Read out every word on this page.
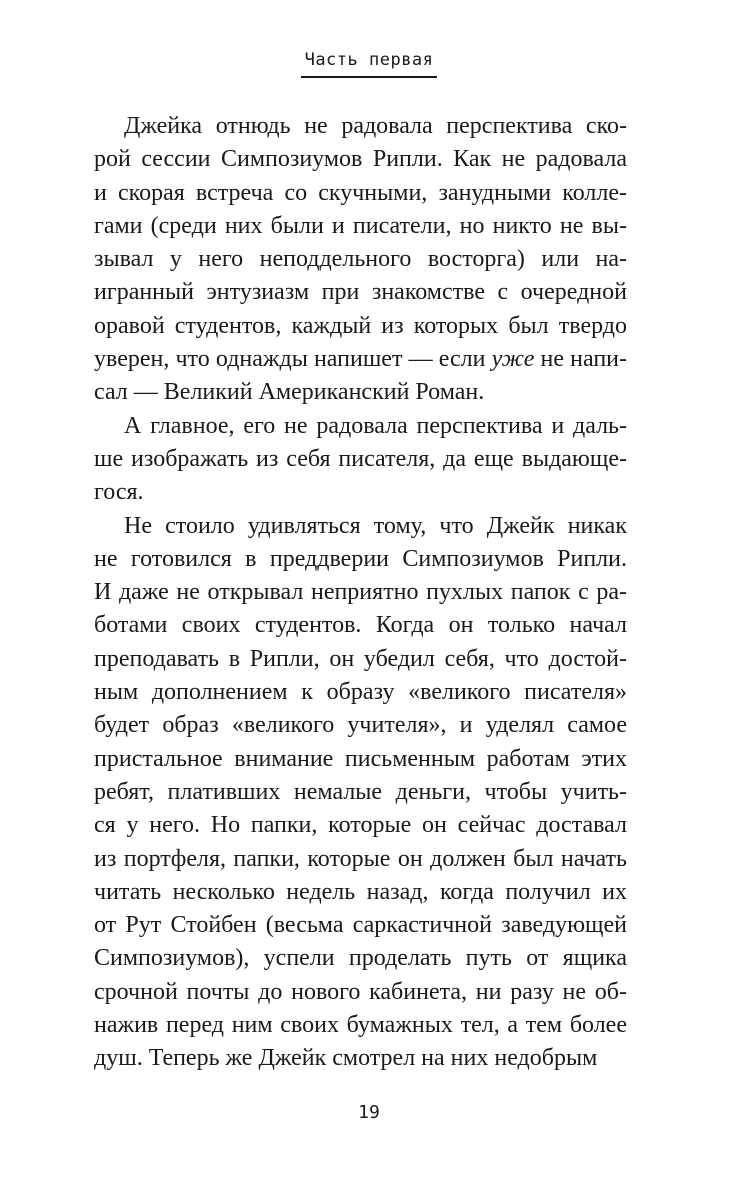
Часть первая
Джейка отнюдь не радовала перспектива ско-
рой сессии Симпозиумов Рипли. Как не радовала
и скорая встреча со скучными, занудными колле-
гами (среди них были и писатели, но никто не вы-
зывал у него неподдельного восторга) или на-
игранный энтузиазм при знакомстве с очередной
оравой студентов, каждый из которых был твердо
уверен, что однажды напишет — если уже не напи-
сал — Великий Американский Роман.
А главное, его не радовала перспектива и даль-
ше изображать из себя писателя, да еще выдающе-
гося.
Не стоило удивляться тому, что Джейк никак
не готовился в преддверии Симпозиумов Рипли.
И даже не открывал неприятно пухлых папок с ра-
ботами своих студентов. Когда он только начал
преподавать в Рипли, он убедил себя, что достой-
ным дополнением к образу «великого писателя»
будет образ «великого учителя», и уделял самое
пристальное внимание письменным работам этих
ребят, плативших немалые деньги, чтобы учить-
ся у него. Но папки, которые он сейчас доставал
из портфеля, папки, которые он должен был начать
читать несколько недель назад, когда получил их
от Рут Стойбен (весьма саркастичной заведующей
Симпозиумов), успели проделать путь от ящика
срочной почты до нового кабинета, ни разу не об-
нажив перед ним своих бумажных тел, а тем более
душ. Теперь же Джейк смотрел на них недобрым
19
